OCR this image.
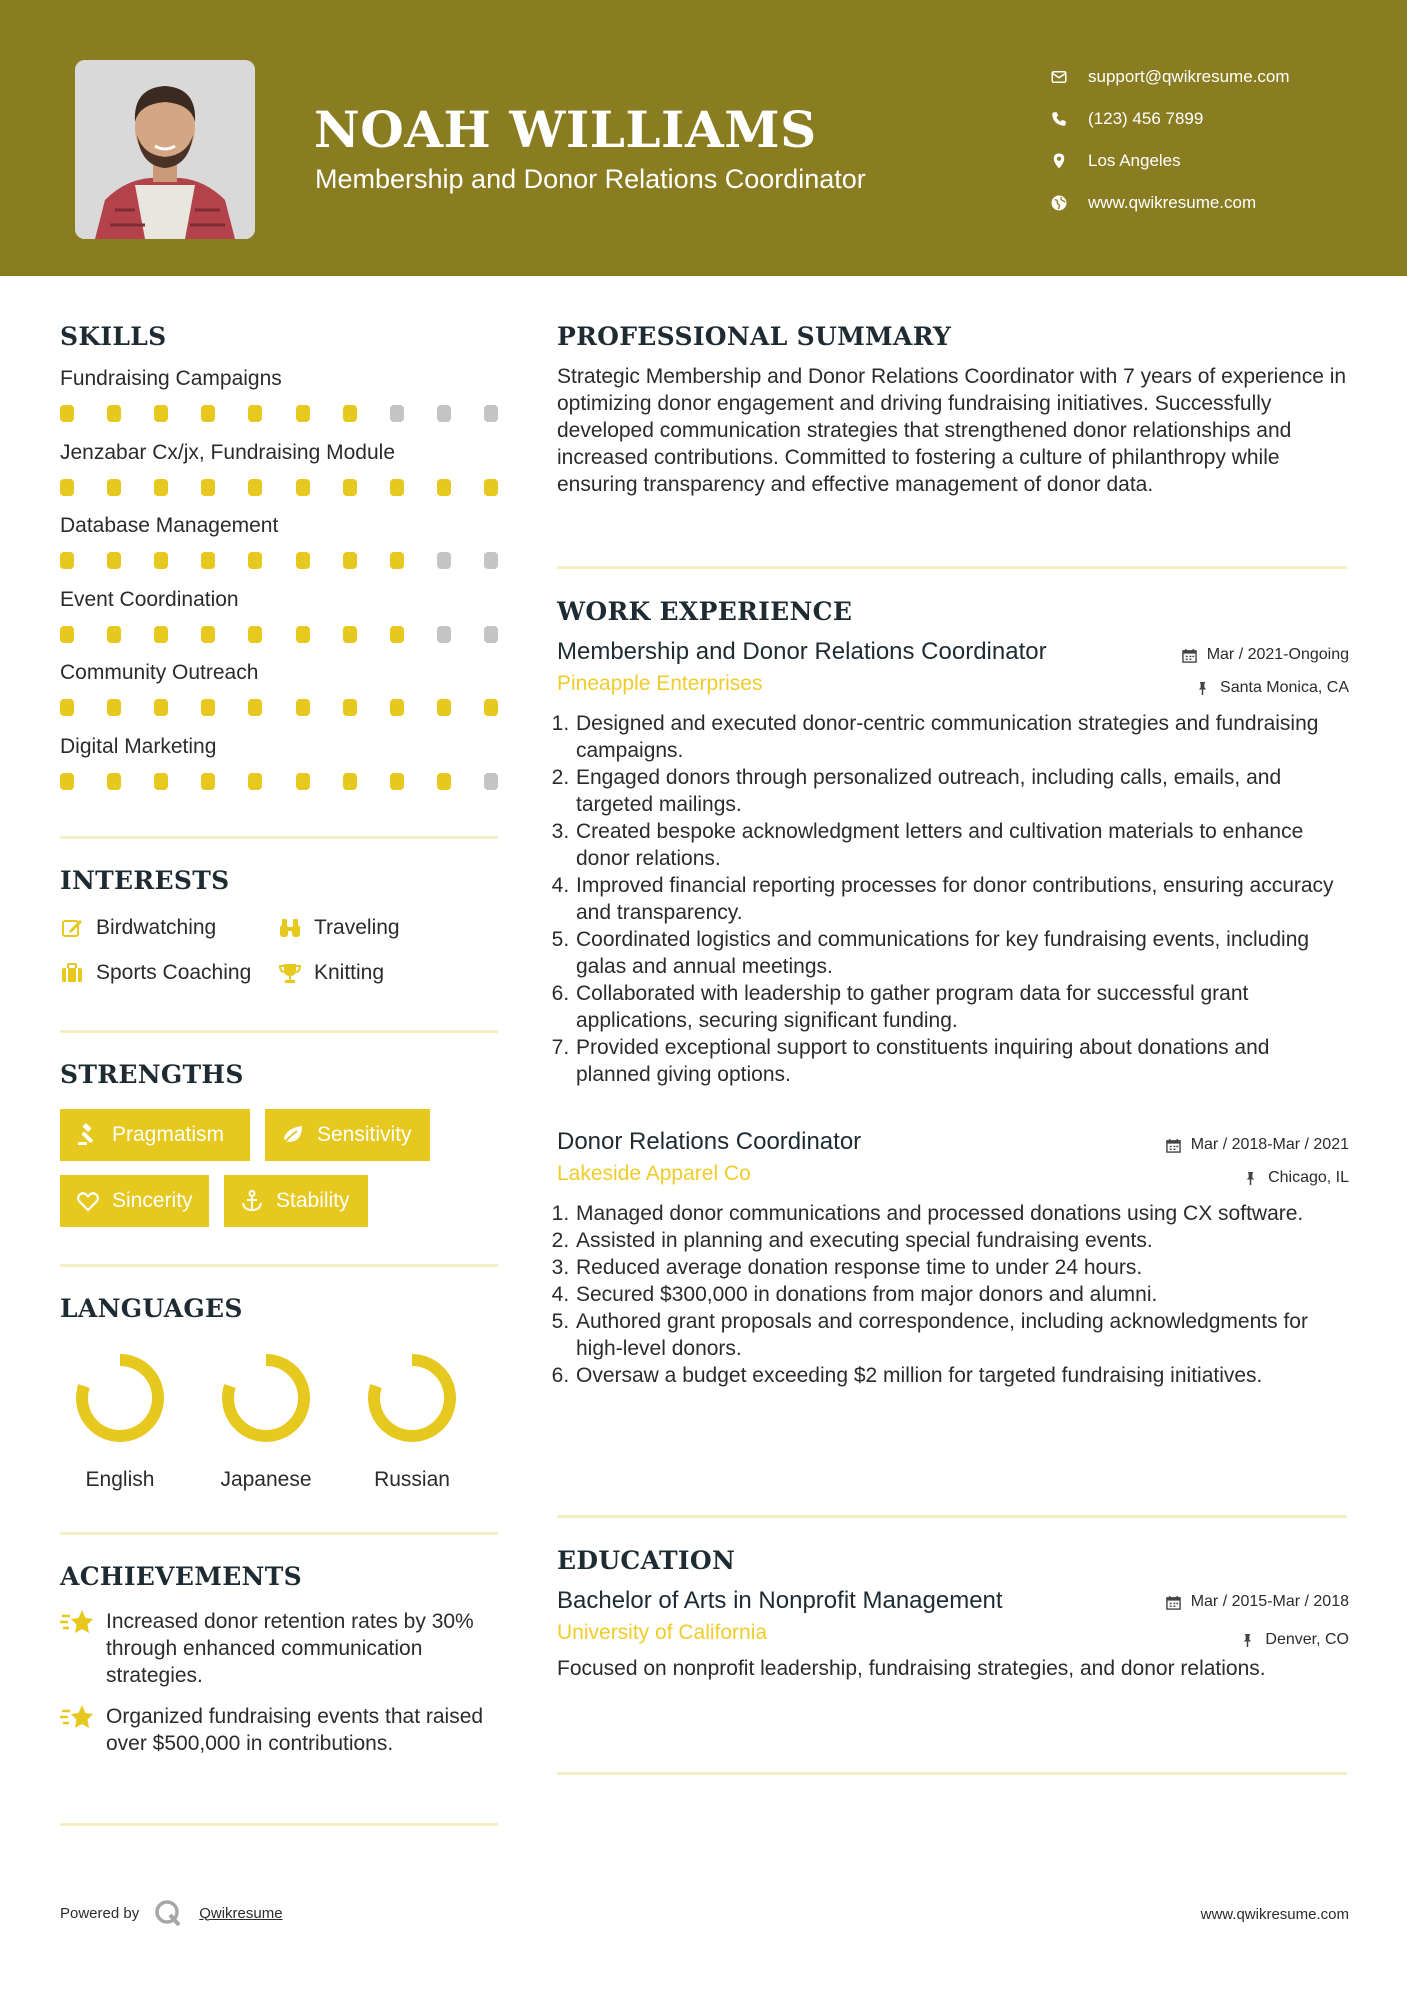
NOAH WILLIAMS
Membership and Donor Relations Coordinator
support@qwikresume.com
(123) 456 7899
Los Angeles
www.qwikresume.com
SKILLS
Fundraising Campaigns
Jenzabar Cx/jx, Fundraising Module
Database Management
Event Coordination
Community Outreach
Digital Marketing
INTERESTS
Birdwatching	Traveling
Sports Coaching	Knitting
STRENGTHS
Pragmatism	Sensitivity
Sincerity	Stability
LANGUAGES
English	Japanese	Russian
ACHIEVEMENTS
Increased donor retention rates by 30% through enhanced communication strategies.
Organized fundraising events that raised over $500,000 in contributions.
PROFESSIONAL SUMMARY

Strategic Membership and Donor Relations Coordinator with 7 years of experience in optimizing donor engagement and driving fundraising initiatives. Successfully developed communication strategies that strengthened donor relationships and increased contributions. Committed to fostering a culture of philanthropy while ensuring transparency and effective management of donor data.

WORK EXPERIENCE
Membership and Donor Relations Coordinator	Mar / 2021-Ongoing
Pineapple Enterprises	Santa Monica, CA
1. Designed and executed donor-centric communication strategies and fundraising campaigns.
2. Engaged donors through personalized outreach, including calls, emails, and targeted mailings.
3. Created bespoke acknowledgment letters and cultivation materials to enhance donor relations.
4. Improved financial reporting processes for donor contributions, ensuring accuracy and transparency.
5. Coordinated logistics and communications for key fundraising events, including galas and annual meetings.
6. Collaborated with leadership to gather program data for successful grant applications, securing significant funding.
7. Provided exceptional support to constituents inquiring about donations and planned giving options.
Donor Relations Coordinator	Mar / 2018-Mar / 2021
Lakeside Apparel Co	Chicago, IL
1. Managed donor communications and processed donations using CX software.
2. Assisted in planning and executing special fundraising events.
3. Reduced average donation response time to under 24 hours.
4. Secured $300,000 in donations from major donors and alumni.
5. Authored grant proposals and correspondence, including acknowledgments for high-level donors.
6. Oversaw a budget exceeding $2 million for targeted fundraising initiatives.
EDUCATION
Bachelor of Arts in Nonprofit Management	Mar / 2015-Mar / 2018
University of California	Denver, CO

Focused on nonprofit leadership, fundraising strategies, and donor relations.

Powered by	Qwikresume	www.qwikresume.com
